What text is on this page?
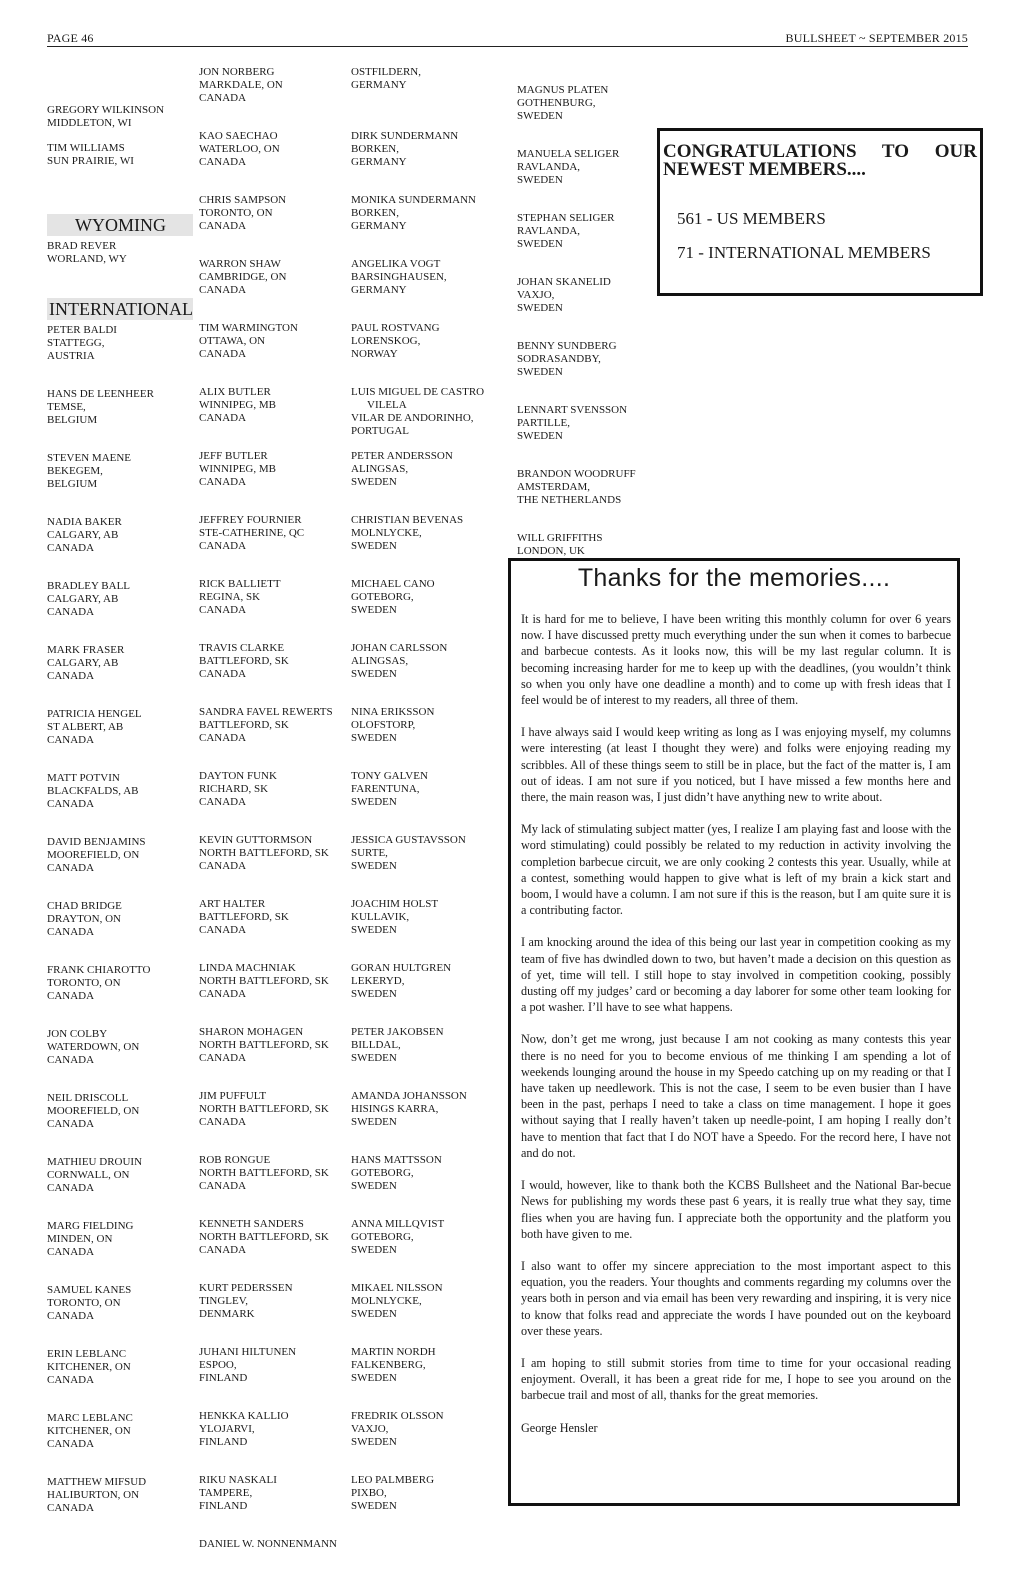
PAGE 46	BULLSHEET ~ SEPTEMBER 2015
GREGORY WILKINSON
MIDDLETON, WI
TIM WILLIAMS
SUN PRAIRIE, WI
WYOMING
BRAD REVER
WORLAND, WY
INTERNATIONAL
PETER BALDI
STATTEGG,
AUSTRIA
HANS DE LEENHEER
TEMSE,
BELGIUM
STEVEN MAENE
BEKEGEM,
BELGIUM
NADIA BAKER
CALGARY, AB
CANADA
BRADLEY BALL
CALGARY, AB
CANADA
MARK FRASER
CALGARY, AB
CANADA
PATRICIA HENGEL
ST ALBERT, AB
CANADA
MATT POTVIN
BLACKFALDS, AB
CANADA
DAVID BENJAMINS
MOOREFIELD, ON
CANADA
CHAD BRIDGE
DRAYTON, ON
CANADA
FRANK CHIAROTTO
TORONTO, ON
CANADA
JON COLBY
WATERDOWN, ON
CANADA
NEIL DRISCOLL
MOOREFIELD, ON
CANADA
MATHIEU DROUIN
CORNWALL, ON
CANADA
MARG FIELDING
MINDEN, ON
CANADA
SAMUEL KANES
TORONTO, ON
CANADA
ERIN LEBLANC
KITCHENER, ON
CANADA
MARC LEBLANC
KITCHENER, ON
CANADA
MATTHEW MIFSUD
HALIBURTON, ON
CANADA
JON NORBERG
MARKDALE, ON
CANADA
KAO SAECHAO
WATERLOO, ON
CANADA
CHRIS SAMPSON
TORONTO, ON
CANADA
WARRON SHAW
CAMBRIDGE, ON
CANADA
TIM WARMINGTON
OTTAWA, ON
CANADA
ALIX BUTLER
WINNIPEG, MB
CANADA
JEFF BUTLER
WINNIPEG, MB
CANADA
JEFFREY FOURNIER
STE-CATHERINE, QC
CANADA
RICK BALLIETT
REGINA, SK
CANADA
TRAVIS CLARKE
BATTLEFORD, SK
CANADA
SANDRA FAVEL REWERTS
BATTLEFORD, SK
CANADA
DAYTON FUNK
RICHARD, SK
CANADA
KEVIN GUTTORMSON
NORTH BATTLEFORD, SK
CANADA
ART HALTER
BATTLEFORD, SK
CANADA
LINDA MACHNIAK
NORTH BATTLEFORD, SK
CANADA
SHARON MOHAGEN
NORTH BATTLEFORD, SK
CANADA
JIM PUFFULT
NORTH BATTLEFORD, SK
CANADA
ROB RONGUE
NORTH BATTLEFORD, SK
CANADA
KENNETH SANDERS
NORTH BATTLEFORD, SK
CANADA
KURT PEDERSSEN
TINGLEV,
DENMARK
JUHANI HILTUNEN
ESPOO,
FINLAND
HENKKA KALLIO
YLOJARVI,
FINLAND
RIKU NASKALI
TAMPERE,
FINLAND
DANIEL W. NONNENMANN
OSTFILDERN,
GERMANY
DIRK SUNDERMANN
BORKEN,
GERMANY
MONIKA SUNDERMANN
BORKEN,
GERMANY
ANGELIKA VOGT
BARSINGHAUSEN,
GERMANY
PAUL ROSTVANG
LORENSKOG,
NORWAY
LUIS MIGUEL DE CASTRO
VILELA
VILAR DE ANDORINHO,
PORTUGAL
PETER ANDERSSON
ALINGSAS,
SWEDEN
CHRISTIAN BEVENAS
MOLNLYCKE,
SWEDEN
MICHAEL CANO
GOTEBORG,
SWEDEN
JOHAN CARLSSON
ALINGSAS,
SWEDEN
NINA ERIKSSON
OLOFSTORP,
SWEDEN
TONY GALVEN
FARENTUNA,
SWEDEN
JESSICA GUSTAVSSON
SURTE,
SWEDEN
JOACHIM HOLST
KULLAVIK,
SWEDEN
GORAN HULTGREN
LEKERYD,
SWEDEN
PETER JAKOBSEN
BILLDAL,
SWEDEN
AMANDA JOHANSSON
HISINGS KARRA,
SWEDEN
HANS MATTSSON
GOTEBORG,
SWEDEN
ANNA MILLQVIST
GOTEBORG,
SWEDEN
MIKAEL NILSSON
MOLNLYCKE,
SWEDEN
MARTIN NORDH
FALKENBERG,
SWEDEN
FREDRIK OLSSON
VAXJO,
SWEDEN
LEO PALMBERG
PIXBO,
SWEDEN
MAGNUS PLATEN
GOTHENBURG,
SWEDEN
MANUELA SELIGER
RAVLANDA,
SWEDEN
STEPHAN SELIGER
RAVLANDA,
SWEDEN
JOHAN SKANELID
VAXJO,
SWEDEN
BENNY SUNDBERG
SODRASANDBY,
SWEDEN
LENNART SVENSSON
PARTILLE,
SWEDEN
BRANDON WOODRUFF
AMSTERDAM,
THE NETHERLANDS
WILL GRIFFITHS
LONDON, UK

CONGRATULATIONS TO OUR NEWEST MEMBERS....

561 - US MEMBERS

71 - INTERNATIONAL MEMBERS

Thanks for the memories....

It is hard for me to believe, I have been writing this monthly column for over 6 years now. I have discussed pretty much everything under the sun when it comes to barbecue and barbecue contests. As it looks now, this will be my last regular column. It is becoming increasing harder for me to keep up with the deadlines, (you wouldn’t think so when you only have one deadline a month) and to come up with fresh ideas that I feel would be of interest to my readers, all three of them.

I have always said I would keep writing as long as I was enjoying myself, my columns were interesting (at least I thought they were) and folks were enjoying reading my scribbles. All of these things seem to still be in place, but the fact of the matter is, I am out of ideas. I am not sure if you noticed, but I have missed a few months here and there, the main reason was, I just didn’t have anything new to write about.

My lack of stimulating subject matter (yes, I realize I am playing fast and loose with the word stimulating) could possibly be related to my reduction in activity involving the completion barbecue circuit, we are only cooking 2 contests this year. Usually, while at a contest, something would happen to give what is left of my brain a kick start and boom, I would have a column. I am not sure if this is the reason, but I am quite sure it is a contributing factor.

I am knocking around the idea of this being our last year in competition cooking as my team of five has dwindled down to two, but haven’t made a decision on this question as of yet, time will tell. I still hope to stay involved in competition cooking, possibly dusting off my judges’ card or becoming a day laborer for some other team looking for a pot washer. I’ll have to see what happens.

Now, don’t get me wrong, just because I am not cooking as many contests this year there is no need for you to become envious of me thinking I am spending a lot of weekends lounging around the house in my Speedo catching up on my reading or that I have taken up needlework. This is not the case, I seem to be even busier than I have been in the past, perhaps I need to take a class on time management. I hope it goes without saying that I really haven’t taken up needle-point, I am hoping I really don’t have to mention that fact that I do NOT have a Speedo. For the record here, I have not and do not.

I would, however, like to thank both the KCBS Bullsheet and the National Bar-becue News for publishing my words these past 6 years, it is really true what they say, time flies when you are having fun. I appreciate both the opportunity and the platform you both have given to me.

I also want to offer my sincere appreciation to the most important aspect to this equation, you the readers. Your thoughts and comments regarding my columns over the years both in person and via email has been very rewarding and inspiring, it is very nice to know that folks read and appreciate the words I have pounded out on the keyboard over these years.

I am hoping to still submit stories from time to time for your occasional reading enjoyment. Overall, it has been a great ride for me, I hope to see you around on the barbecue trail and most of all, thanks for the great memories.

George Hensler
